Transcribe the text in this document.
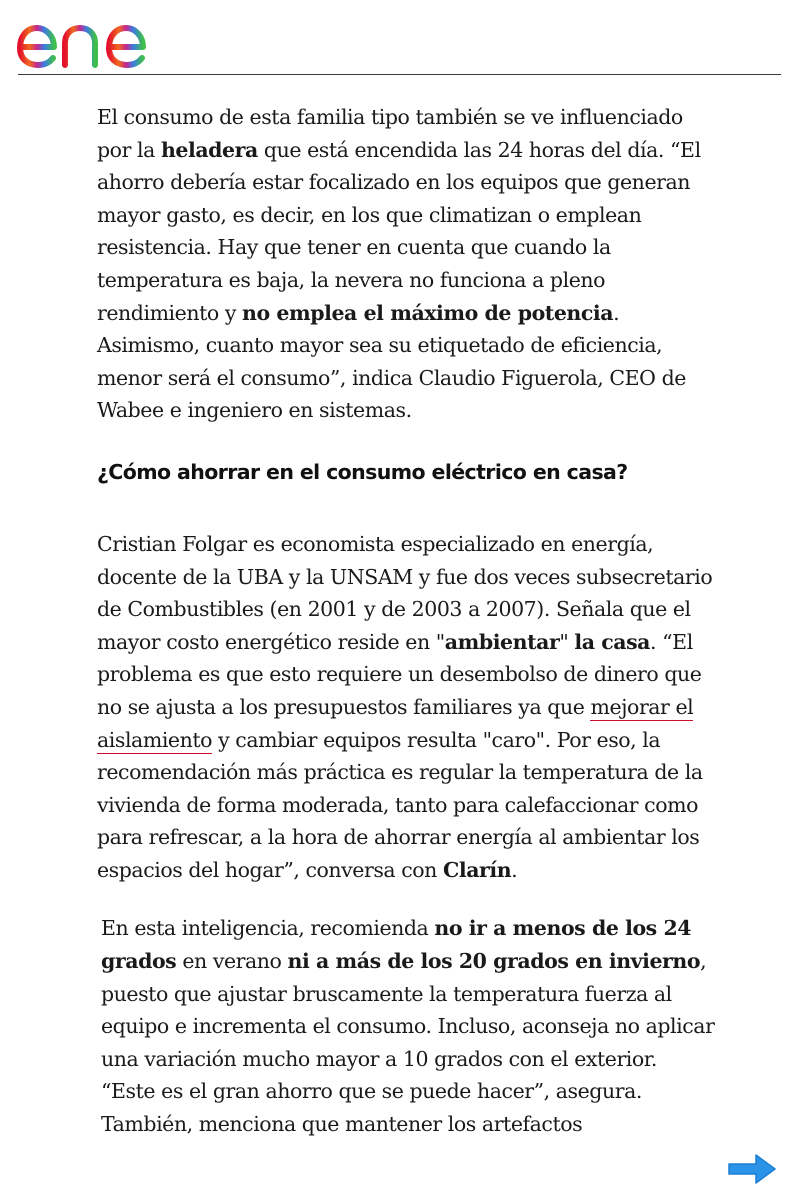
El consumo de esta familia tipo también se ve influenciado por la heladera que está encendida las 24 horas del día. “El ahorro debería estar focalizado en los equipos que generan mayor gasto, es decir, en los que climatizan o emplean resistencia. Hay que tener en cuenta que cuando la temperatura es baja, la nevera no funciona a pleno rendimiento y no emplea el máximo de potencia. Asimismo, cuanto mayor sea su etiquetado de eficiencia, menor será el consumo”, indica Claudio Figuerola, CEO de Wabee e ingeniero en sistemas.

¿Cómo ahorrar en el consumo eléctrico en casa?

Cristian Folgar es economista especializado en energía, docente de la UBA y la UNSAM y fue dos veces subsecretario de Combustibles (en 2001 y de 2003 a 2007). Señala que el mayor costo energético reside en "ambientar" la casa. “El problema es que esto requiere un desembolso de dinero que no se ajusta a los presupuestos familiares ya que mejorar el aislamiento y cambiar equipos resulta "caro". Por eso, la recomendación más práctica es regular la temperatura de la vivienda de forma moderada, tanto para calefaccionar como para refrescar, a la hora de ahorrar energía al ambientar los espacios del hogar”, conversa con Clarín.

En esta inteligencia, recomienda no ir a menos de los 24 grados en verano ni a más de los 20 grados en invierno, puesto que ajustar bruscamente la temperatura fuerza al equipo e incrementa el consumo. Incluso, aconseja no aplicar una variación mucho mayor a 10 grados con el exterior. “Este es el gran ahorro que se puede hacer”, asegura. También, menciona que mantener los artefactos
